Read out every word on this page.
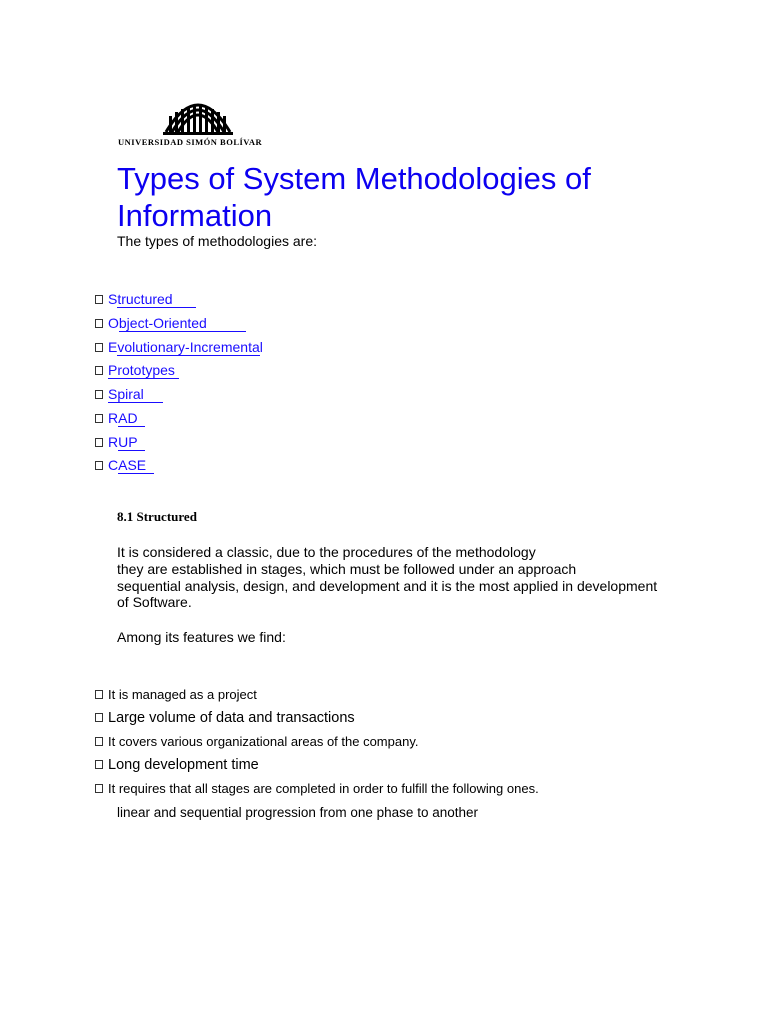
UNIVERSIDAD SIMÓN BOLÍVAR
Types of System Methodologies of Information
The types of methodologies are:
Structured
Object-Oriented
Evolutionary-Incremental
Prototypes
Spiral
RAD
RUP
CASE
8.1 Structured
It is considered a classic, due to the procedures of the methodology
they are established in stages, which must be followed under an approach
sequential analysis, design, and development and it is the most applied in development
of Software.
Among its features we find:
It is managed as a project
Large volume of data and transactions
It covers various organizational areas of the company.
Long development time
It requires that all stages are completed in order to fulfill the following ones.
linear and sequential progression from one phase to another
